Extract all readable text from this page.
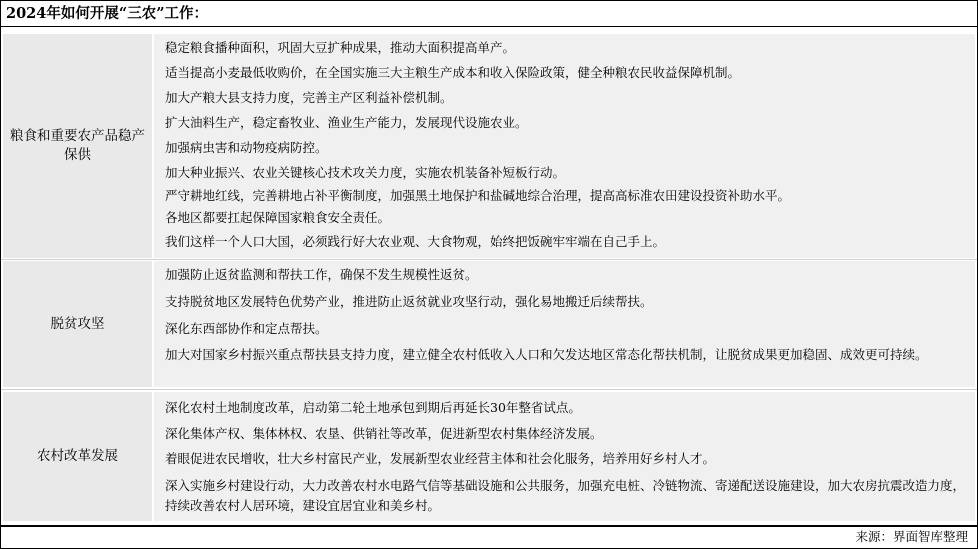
2024年如何开展“三农”工作：
粮食和重要农产品稳产保供
稳定粮食播种面积，巩固大豆扩种成果，推动大面积提高单产。
适当提高小麦最低收购价，在全国实施三大主粮生产成本和收入保险政策，健全种粮农民收益保障机制。
加大产粮大县支持力度，完善主产区利益补偿机制。
扩大油料生产，稳定畜牧业、渔业生产能力，发展现代设施农业。
加强病虫害和动物疫病防控。
加大种业振兴、农业关键核心技术攻关力度，实施农机装备补短板行动。
严守耕地红线，完善耕地占补平衡制度，加强黑土地保护和盐碱地综合治理，提高高标准农田建设投资补助水平。
各地区都要扛起保障国家粮食安全责任。
我们这样一个人口大国，必须践行好大农业观、大食物观，始终把饭碗牢牢端在自己手上。
脱贫攻坚
加强防止返贫监测和帮扶工作，确保不发生规模性返贫。
支持脱贫地区发展特色优势产业，推进防止返贫就业攻坚行动，强化易地搬迁后续帮扶。
深化东西部协作和定点帮扶。
加大对国家乡村振兴重点帮扶县支持力度，建立健全农村低收入人口和欠发达地区常态化帮扶机制，让脱贫成果更加稳固、成效更可持续。
农村改革发展
深化农村土地制度改革，启动第二轮土地承包到期后再延长30年整省试点。
深化集体产权、集体林权、农垦、供销社等改革，促进新型农村集体经济发展。
着眼促进农民增收，壮大乡村富民产业，发展新型农业经营主体和社会化服务，培养用好乡村人才。
深入实施乡村建设行动，大力改善农村水电路气信等基础设施和公共服务，加强充电桩、冷链物流、寄递配送设施建设，加大农房抗震改造力度，持续改善农村人居环境，建设宜居宜业和美乡村。
来源：界面智库整理
